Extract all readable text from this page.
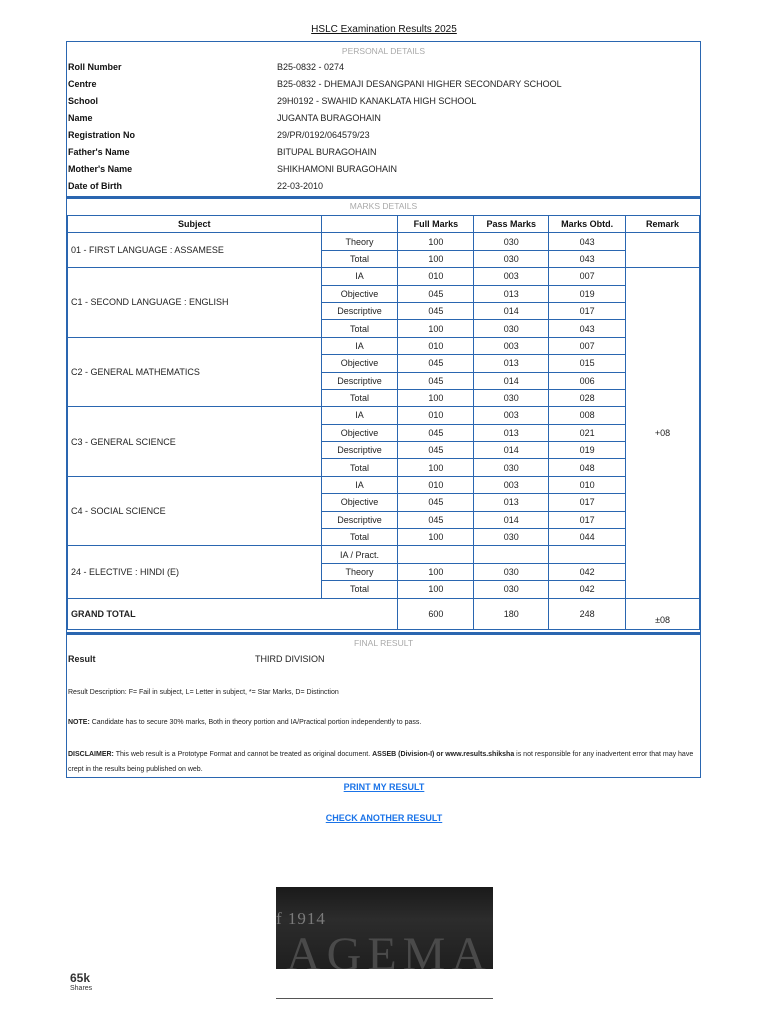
HSLC Examination Results 2025
PERSONAL DETAILS
Roll Number	B25-0832 - 0274
Centre	B25-0832 - DHEMAJI DESANGPANI HIGHER SECONDARY SCHOOL
School	29H0192 - SWAHID KANAKLATA HIGH SCHOOL
Name	JUGANTA BURAGOHAIN
Registration No	29/PR/0192/064579/23
Father's Name	BITUPAL BURAGOHAIN
Mother's Name	SHIKHAMONI BURAGOHAIN
Date of Birth	22-03-2010
MARKS DETAILS
Subject		Full Marks	Pass Marks	Marks Obtd.	Remark
01 - FIRST LANGUAGE : ASSAMESE	Theory	100	030	043	
	Total	100	030	043	
C1 - SECOND LANGUAGE : ENGLISH	IA	010	003	007	+08
	Objective	045	013	019	
	Descriptive	045	014	017	
	Total	100	030	043	
C2 - GENERAL MATHEMATICS	IA	010	003	007	
	Objective	045	013	015	
	Descriptive	045	014	006	
	Total	100	030	028	
C3 - GENERAL SCIENCE	IA	010	003	008	
	Objective	045	013	021	
	Descriptive	045	014	019	
	Total	100	030	048	
C4 - SOCIAL SCIENCE	IA	010	003	010	
	Objective	045	013	017	
	Descriptive	045	014	017	
	Total	100	030	044	
24 - ELECTIVE : HINDI (E)	IA / Pract.				
	Theory	100	030	042	
	Total	100	030	042	
GRAND TOTAL		600	180	248	±08
FINAL RESULT
Result	THIRD DIVISION
Result Description: F= Fail in subject, L= Letter in subject, *= Star Marks, D= Distinction
NOTE: Candidate has to secure 30% marks, Both in theory portion and IA/Practical portion independently to pass.
DISCLAIMER: This web result is a Prototype Format and cannot be treated as original document. ASSEB (Division-I) or www.results.shiksha is not responsible for any inadvertent error that may have crept in the results being published on web.
PRINT MY RESULT
CHECK ANOTHER RESULT
f 1914
AGEMA
65k
Shares
